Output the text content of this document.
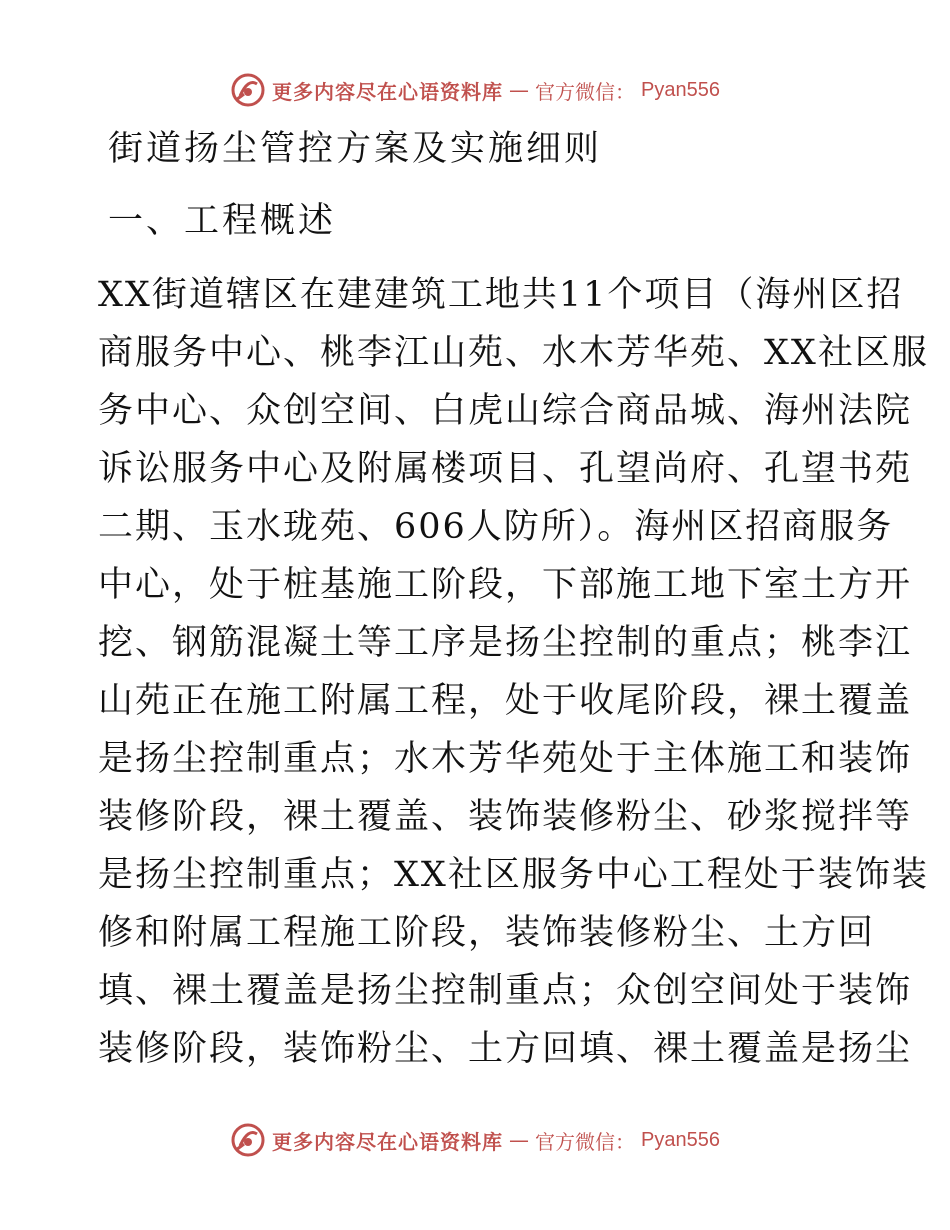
更多内容尽在心语资料库 — 官方微信： Pyan556
街道扬尘管控方案及实施细则
一、工程概述
XX街道辖区在建建筑工地共11个项目（海州区招
商服务中心、桃李江山苑、水木芳华苑、XX社区服
务中心、众创空间、白虎山综合商品城、海州法院
诉讼服务中心及附属楼项目、孔望尚府、孔望书苑
二期、玉水珑苑、606人防所）。海州区招商服务
中心，处于桩基施工阶段，下部施工地下室土方开
挖、钢筋混凝土等工序是扬尘控制的重点；桃李江
山苑正在施工附属工程，处于收尾阶段，裸土覆盖
是扬尘控制重点；水木芳华苑处于主体施工和装饰
装修阶段，裸土覆盖、装饰装修粉尘、砂浆搅拌等
是扬尘控制重点；XX社区服务中心工程处于装饰装
修和附属工程施工阶段，装饰装修粉尘、土方回
填、裸土覆盖是扬尘控制重点；众创空间处于装饰
装修阶段，装饰粉尘、土方回填、裸土覆盖是扬尘
更多内容尽在心语资料库 — 官方微信： Pyan556
